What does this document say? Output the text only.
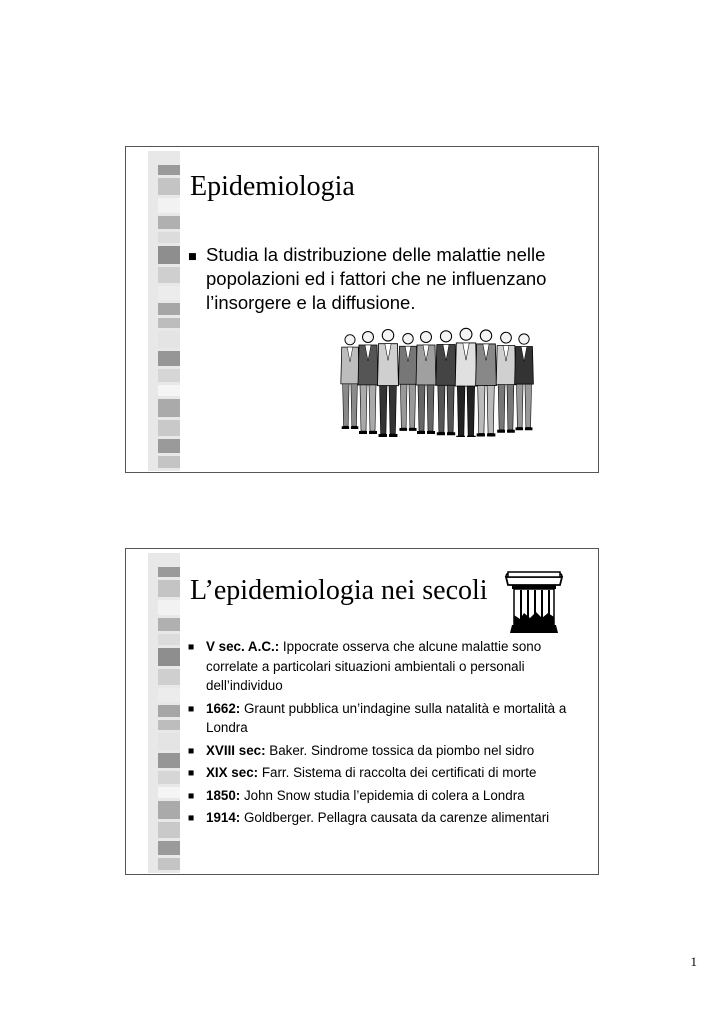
Epidemiologia
■ Studia la distribuzione delle malattie nelle popolazioni ed i fattori che ne influenzano l’insorgere e la diffusione.
L’epidemiologia nei secoli
■ V sec. A.C.: Ippocrate osserva che alcune malattie sono correlate a particolari situazioni ambientali o personali dell’individuo
■ 1662: Graunt pubblica un’indagine sulla natalità e mortalità a Londra
■ XVIII sec: Baker. Sindrome tossica da piombo nel sidro
■ XIX sec: Farr. Sistema di raccolta dei certificati di morte
■ 1850: John Snow studia l’epidemia di colera a Londra
■ 1914: Goldberger. Pellagra causata da carenze alimentari
1
